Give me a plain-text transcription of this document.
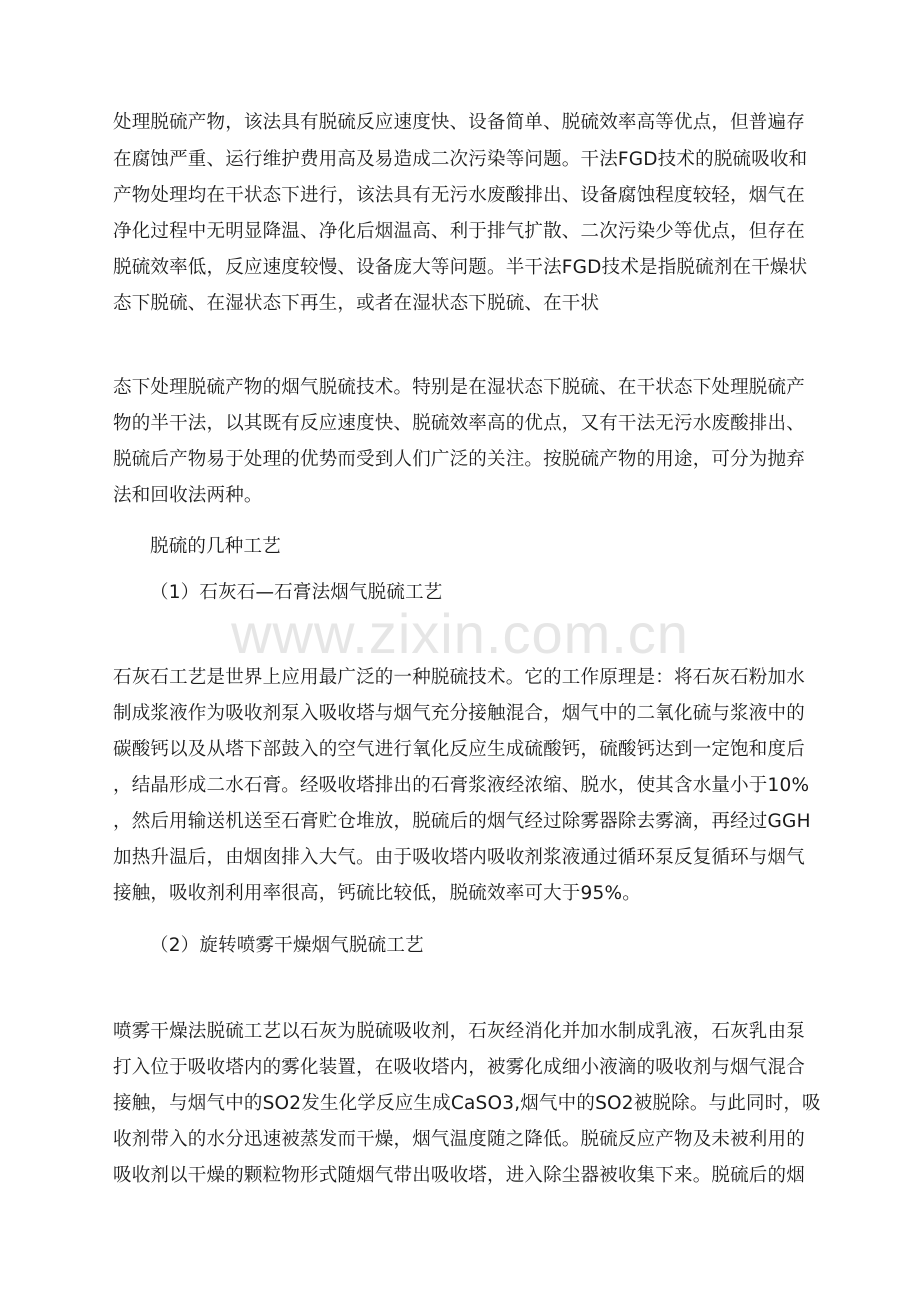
www.zixin.com.cn
处理脱硫产物，该法具有脱硫反应速度快、设备简单、脱硫效率高等优点，但普遍存
在腐蚀严重、运行维护费用高及易造成二次污染等问题。干法FGD技术的脱硫吸收和
产物处理均在干状态下进行，该法具有无污水废酸排出、设备腐蚀程度较轻，烟气在
净化过程中无明显降温、净化后烟温高、利于排气扩散、二次污染少等优点，但存在
脱硫效率低，反应速度较慢、设备庞大等问题。半干法FGD技术是指脱硫剂在干燥状
态下脱硫、在湿状态下再生，或者在湿状态下脱硫、在干状
态下处理脱硫产物的烟气脱硫技术。特别是在湿状态下脱硫、在干状态下处理脱硫产
物的半干法，以其既有反应速度快、脱硫效率高的优点，又有干法无污水废酸排出、
脱硫后产物易于处理的优势而受到人们广泛的关注。按脱硫产物的用途，可分为抛弃
法和回收法两种。
脱硫的几种工艺
（1）石灰石—石膏法烟气脱硫工艺
石灰石工艺是世界上应用最广泛的一种脱硫技术。它的工作原理是：将石灰石粉加水
制成浆液作为吸收剂泵入吸收塔与烟气充分接触混合，烟气中的二氧化硫与浆液中的
碳酸钙以及从塔下部鼓入的空气进行氧化反应生成硫酸钙，硫酸钙达到一定饱和度后
，结晶形成二水石膏。经吸收塔排出的石膏浆液经浓缩、脱水，使其含水量小于10%
，然后用输送机送至石膏贮仓堆放，脱硫后的烟气经过除雾器除去雾滴，再经过GGH
加热升温后，由烟囱排入大气。由于吸收塔内吸收剂浆液通过循环泵反复循环与烟气
接触，吸收剂利用率很高，钙硫比较低，脱硫效率可大于95%。
（2）旋转喷雾干燥烟气脱硫工艺
喷雾干燥法脱硫工艺以石灰为脱硫吸收剂，石灰经消化并加水制成乳液，石灰乳由泵
打入位于吸收塔内的雾化装置，在吸收塔内，被雾化成细小液滴的吸收剂与烟气混合
接触，与烟气中的SO2发生化学反应生成CaSO3,烟气中的SO2被脱除。与此同时，吸
收剂带入的水分迅速被蒸发而干燥，烟气温度随之降低。脱硫反应产物及未被利用的
吸收剂以干燥的颗粒物形式随烟气带出吸收塔，进入除尘器被收集下来。脱硫后的烟
